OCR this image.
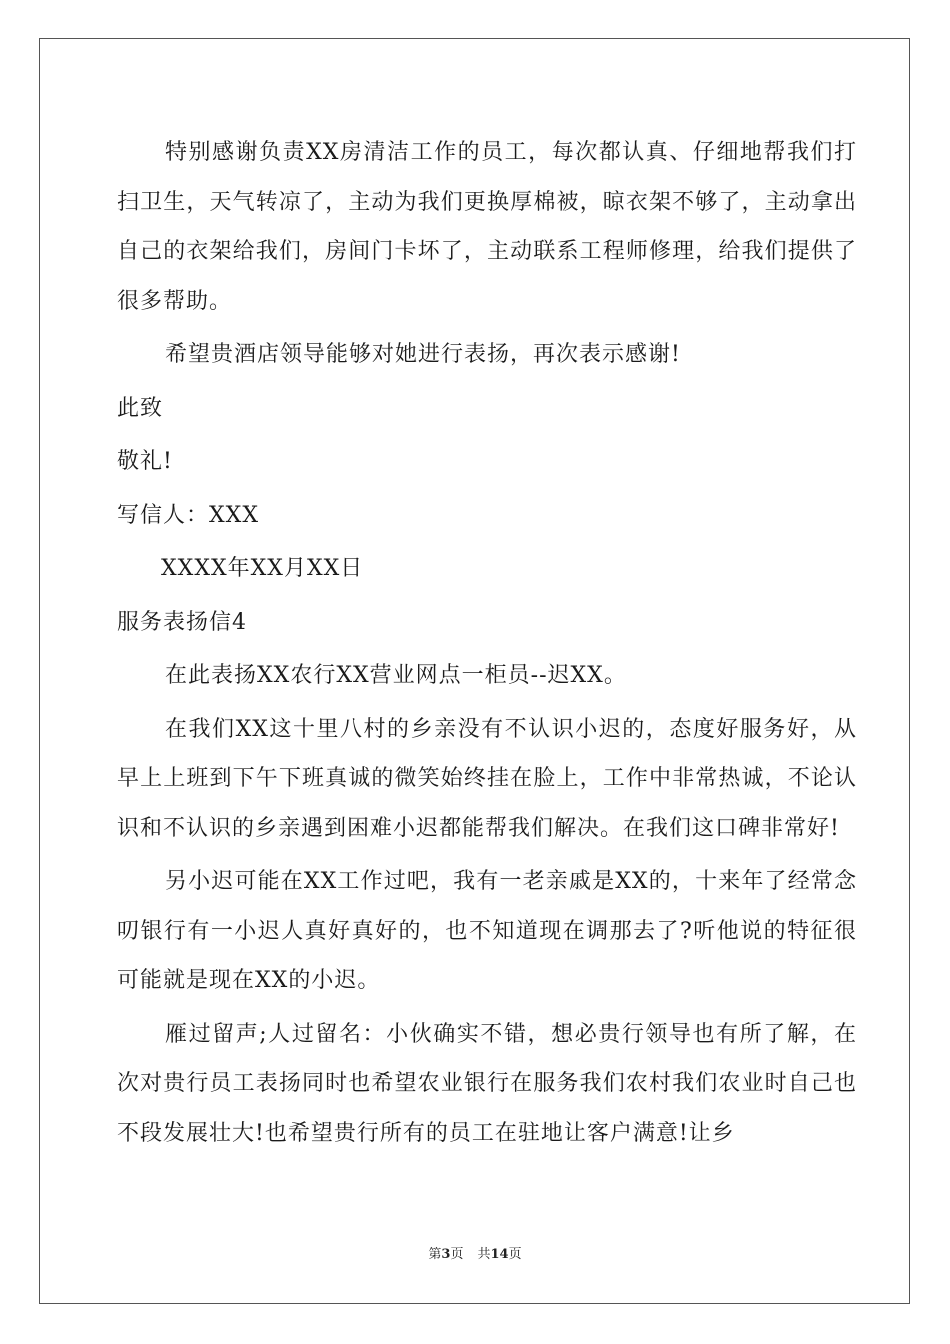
特别感谢负责XX房清洁工作的员工，每次都认真、仔细地帮我们打扫卫生，天气转凉了，主动为我们更换厚棉被，晾衣架不够了，主动拿出自己的衣架给我们，房间门卡坏了，主动联系工程师修理，给我们提供了很多帮助。

希望贵酒店领导能够对她进行表扬，再次表示感谢!

此致

敬礼!

写信人：XXX

XXXX年XX月XX日

服务表扬信4

在此表扬XX农行XX营业网点一柜员--迟XX。

在我们XX这十里八村的乡亲没有不认识小迟的，态度好服务好，从早上上班到下午下班真诚的微笑始终挂在脸上，工作中非常热诚，不论认识和不认识的乡亲遇到困难小迟都能帮我们解决。在我们这口碑非常好!

另小迟可能在XX工作过吧，我有一老亲戚是XX的，十来年了经常念叨银行有一小迟人真好真好的，也不知道现在调那去了?听他说的特征很可能就是现在XX的小迟。

雁过留声;人过留名：小伙确实不错，想必贵行领导也有所了解，在次对贵行员工表扬同时也希望农业银行在服务我们农村我们农业时自己也不段发展壮大!也希望贵行所有的员工在驻地让客户满意!让乡

第3页 共14页
